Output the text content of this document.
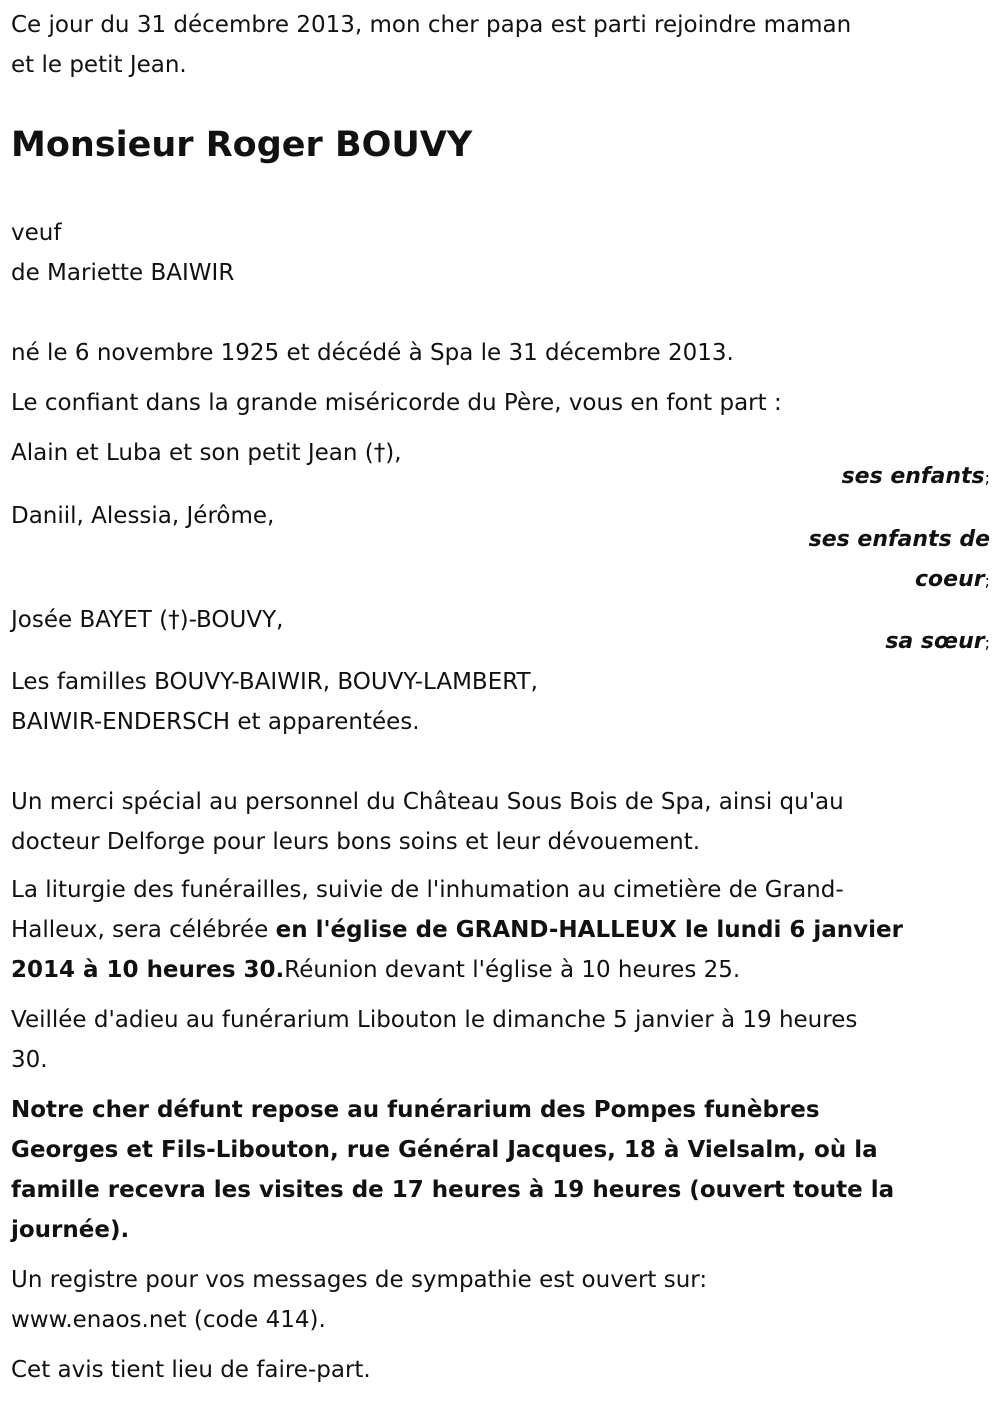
Ce jour du 31 décembre 2013, mon cher papa est parti rejoindre maman

et le petit Jean.

Monsieur Roger BOUVY

veuf

de Mariette BAIWIR

né le 6 novembre 1925 et décédé à Spa le 31 décembre 2013.
Le confiant dans la grande miséricorde du Père, vous en font part :
Alain et Luba et son petit Jean (†),
ses enfants;
Daniil, Alessia, Jérôme,
ses enfants de
coeur;
Josée BAYET (†)-BOUVY,
sa sœur;

Les familles BOUVY-BAIWIR, BOUVY-LAMBERT,

BAIWIR-ENDERSCH et apparentées.

Un merci spécial au personnel du Château Sous Bois de Spa, ainsi qu'au

docteur Delforge pour leurs bons soins et leur dévouement.

La liturgie des funérailles, suivie de l'inhumation au cimetière de Grand-

Halleux, sera célébrée en l'église de GRAND-HALLEUX le lundi 6 janvier

2014 à 10 heures 30.Réunion devant l'église à 10 heures 25.

Veillée d'adieu au funérarium Libouton le dimanche 5 janvier à 19 heures

30.

Notre cher défunt repose au funérarium des Pompes funèbres

Georges et Fils-Libouton, rue Général Jacques, 18 à Vielsalm, où la

famille recevra les visites de 17 heures à 19 heures (ouvert toute la

journée).

Un registre pour vos messages de sympathie est ouvert sur:

www.enaos.net (code 414).

Cet avis tient lieu de faire-part.
